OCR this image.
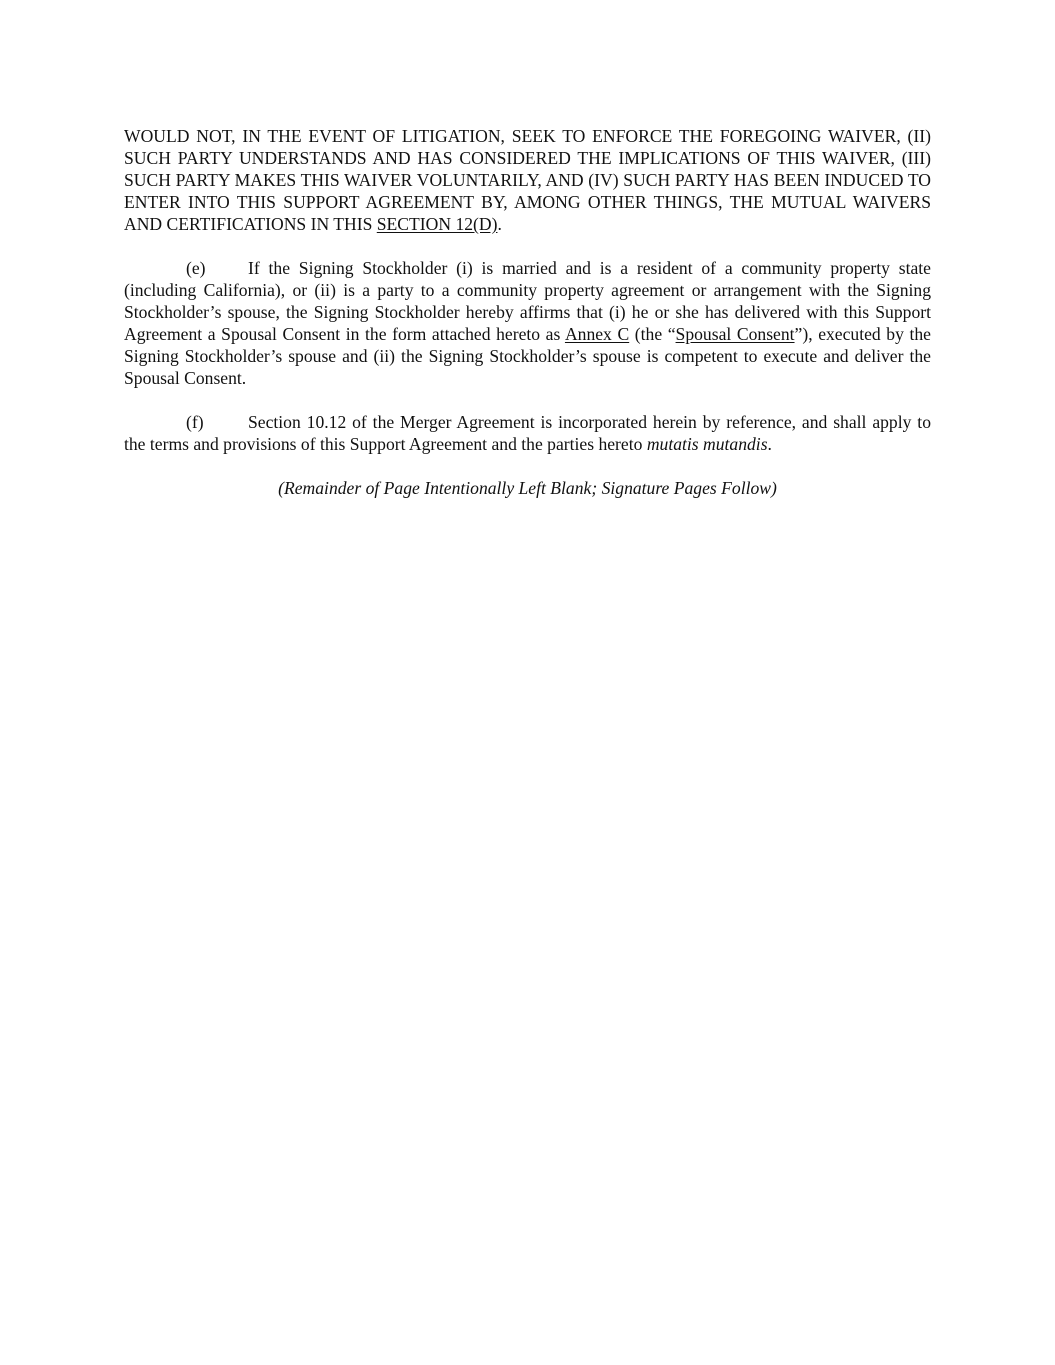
WOULD NOT, IN THE EVENT OF LITIGATION, SEEK TO ENFORCE THE FOREGOING WAIVER, (II) SUCH PARTY UNDERSTANDS AND HAS CONSIDERED THE IMPLICATIONS OF THIS WAIVER, (III) SUCH PARTY MAKES THIS WAIVER VOLUNTARILY, AND (IV) SUCH PARTY HAS BEEN INDUCED TO ENTER INTO THIS SUPPORT AGREEMENT BY, AMONG OTHER THINGS, THE MUTUAL WAIVERS AND CERTIFICATIONS IN THIS SECTION 12(D).

(e) If the Signing Stockholder (i) is married and is a resident of a community property state (including California), or (ii) is a party to a community property agreement or arrangement with the Signing Stockholder’s spouse, the Signing Stockholder hereby affirms that (i) he or she has delivered with this Support Agreement a Spousal Consent in the form attached hereto as Annex C (the “Spousal Consent”), executed by the Signing Stockholder’s spouse and (ii) the Signing Stockholder’s spouse is competent to execute and deliver the Spousal Consent.

(f)	Section 10.12 of the Merger Agreement is incorporated herein by reference, and shall apply to the terms and provisions of this Support Agreement and the parties hereto mutatis mutandis.

(Remainder of Page Intentionally Left Blank; Signature Pages Follow)
